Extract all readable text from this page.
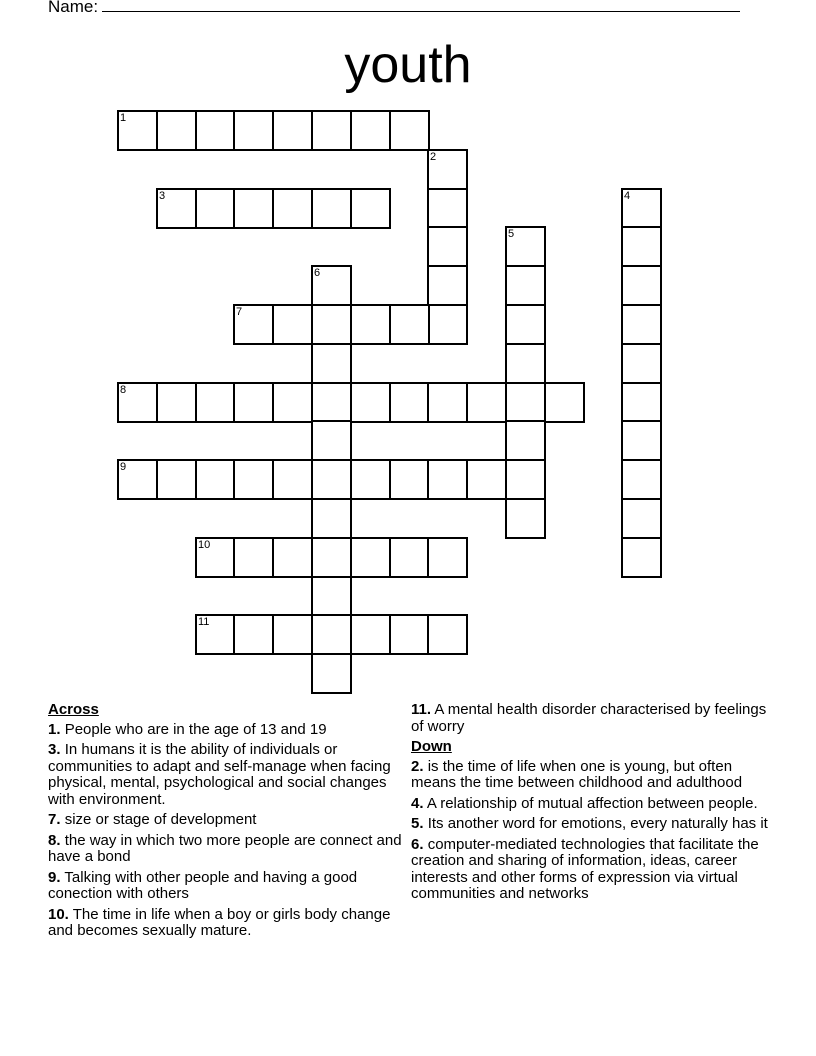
Name:
youth
1
2
3	4
5
6
7
8
9
10
11
Across
1. People who are in the age of 13 and 19
3. In humans it is the ability of individuals or communities to adapt and self-manage when facing physical, mental, psychological and social changes with environment.
7. size or stage of development
8. the way in which two more people are connect and have a bond
9. Talking with other people and having a good conection with others
10. The time in life when a boy or girls body change and becomes sexually mature.
11. A mental health disorder characterised by feelings of worry
Down
2. is the time of life when one is young, but often means the time between childhood and adulthood
4. A relationship of mutual affection between people.
5. Its another word for emotions, every naturally has it
6. computer-mediated technologies that facilitate the creation and sharing of information, ideas, career interests and other forms of expression via virtual communities and networks
